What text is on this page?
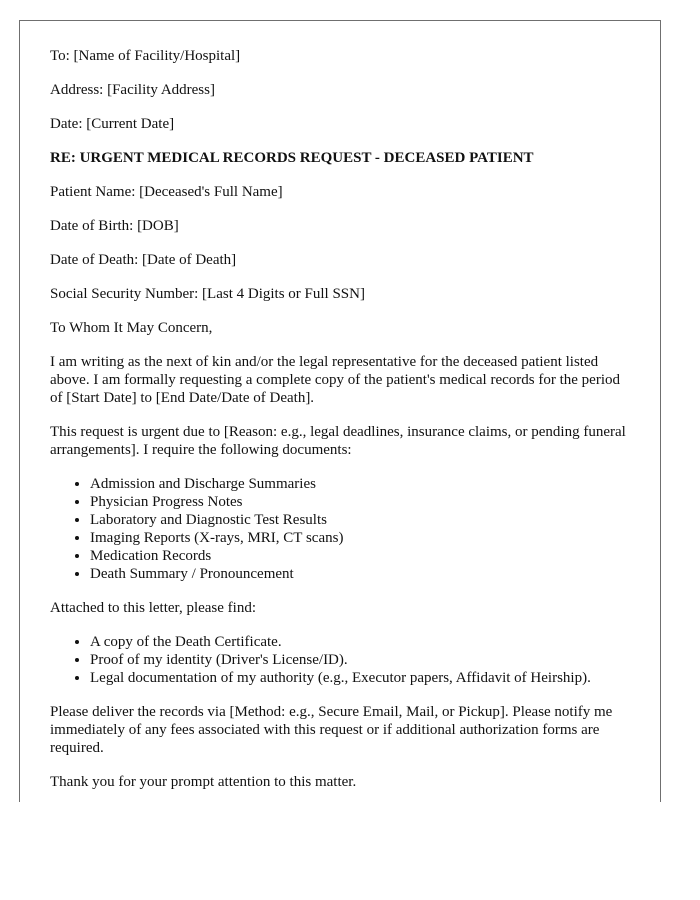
To: [Name of Facility/Hospital]

Address: [Facility Address]

Date: [Current Date]

RE: URGENT MEDICAL RECORDS REQUEST - DECEASED PATIENT

Patient Name: [Deceased's Full Name]

Date of Birth: [DOB]

Date of Death: [Date of Death]

Social Security Number: [Last 4 Digits or Full SSN]

To Whom It May Concern,

I am writing as the next of kin and/or the legal representative for the deceased patient listed above. I am formally requesting a complete copy of the patient's medical records for the period of [Start Date] to [End Date/Date of Death].

This request is urgent due to [Reason: e.g., legal deadlines, insurance claims, or pending funeral arrangements]. I require the following documents:

• Admission and Discharge Summaries
• Physician Progress Notes
• Laboratory and Diagnostic Test Results
• Imaging Reports (X-rays, MRI, CT scans)
• Medication Records
• Death Summary / Pronouncement

Attached to this letter, please find:

• A copy of the Death Certificate.
• Proof of my identity (Driver's License/ID).
• Legal documentation of my authority (e.g., Executor papers, Affidavit of Heirship).

Please deliver the records via [Method: e.g., Secure Email, Mail, or Pickup]. Please notify me immediately of any fees associated with this request or if additional authorization forms are required.

Thank you for your prompt attention to this matter.
